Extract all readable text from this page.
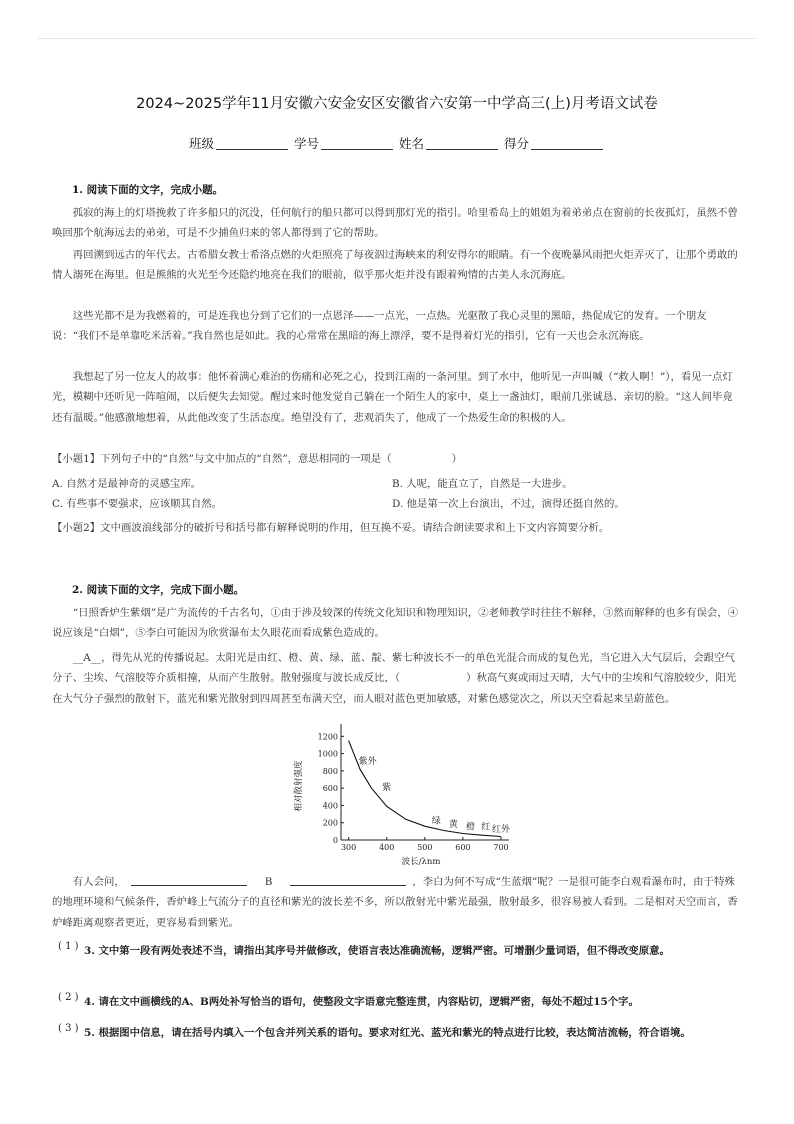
2024~2025学年11月安徽六安金安区安徽省六安第一中学高三(上)月考语文试卷
班级	学号	姓名	得分
1. 阅读下面的文字，完成小题。

孤寂的海上的灯塔挽救了许多船只的沉没，任何航行的船只都可以得到那灯光的指引。哈里希岛上的姐姐为着弟弟点在窗前的长夜孤灯，虽然不曾唤回那个航海远去的弟弟，可是不少捕鱼归来的邻人都得到了它的帮助。

再回溯到远古的年代去。古希腊女教士希洛点燃的火炬照亮了每夜泅过海峡来的利安得尔的眼睛。有一个夜晚暴风雨把火炬弄灭了，让那个勇敢的情人溺死在海里。但是熊熊的火光至今还隐约地亮在我们的眼前，似乎那火炬并没有跟着殉情的古美人永沉海底。

这些光都不是为我燃着的，可是连我也分到了它们的一点恩泽——一点光，一点热。光驱散了我心灵里的黑暗，热促成它的发育。一个朋友说：“我们不是单靠吃米活着。”我自然也是如此。我的心常常在黑暗的海上漂浮，要不是得着灯光的指引，它有一天也会永沉海底。

我想起了另一位友人的故事：他怀着满心难治的伤痛和必死之心，投到江南的一条河里。到了水中，他听见一声叫喊（“救人啊！”），看见一点灯光，模糊中还听见一阵喧闹，以后便失去知觉。醒过来时他发觉自己躺在一个陌生人的家中，桌上一盏油灯，眼前几张诚恳、亲切的脸。“这人间毕竟还有温暖。”他感激地想着，从此他改变了生活态度。绝望没有了，悲观消失了，他成了一个热爱生命的积极的人。

【小题1】下列句子中的“自然”与文中加点的“自然”，意思相同的一项是（	）
A. 自然才是最神奇的灵感宝库。	B. 人呢，能直立了，自然是一大进步。
C. 有些事不要强求，应该顺其自然。	D. 他是第一次上台演出，不过，演得还挺自然的。
【小题2】文中画波浪线部分的破折号和括号都有解释说明的作用，但互换不妥。请结合朗读要求和上下文内容简要分析。
2. 阅读下面的文字，完成下面小题。

“日照香炉生紫烟”是广为流传的千古名句，①由于涉及较深的传统文化知识和物理知识，②老师教学时往往不解释，③然而解释的也多有误会，④说应该是“白烟”，⑤李白可能因为欣赏瀑布太久眼花而看成紫色造成的。

__A__，得先从光的传播说起。太阳光是由红、橙、黄、绿、蓝、靛、紫七种波长不一的单色光混合而成的复色光，当它进入大气层后，会跟空气分子、尘埃、气溶胶等介质相撞，从而产生散射。散射强度与波长成反比，（	）秋高气爽或雨过天晴，大气中的尘埃和气溶胶较少，阳光在大气分子强烈的散射下，蓝光和紫光散射到四周甚至布满天空，而人眼对蓝色更加敏感，对紫色感觉次之，所以天空看起来呈蔚蓝色。

300	400	500	600	700
0
200
400
600
800
1000
1200
紫外
紫
绿 黄 橙 红 红外
波长/λnm
相对散射强度

有人会问，	B	，李白为何不写成“生蓝烟”呢？一是很可能李白观看瀑布时，由于特殊的地理环境和气候条件，香炉峰上气流分子的直径和紫光的波长差不多，所以散射光中紫光最强，散射最多，很容易被人看到。二是相对天空而言，香炉峰距离观察者更近，更容易看到紫光。

( 1 ) 3. 文中第一段有两处表述不当，请指出其序号并做修改，使语言表达准确流畅，逻辑严密。可增删少量词语，但不得改变原意。
( 2 ) 4. 请在文中画横线的A、B两处补写恰当的语句，使整段文字语意完整连贯，内容贴切，逻辑严密，每处不超过15个字。
( 3 ) 5. 根据图中信息，请在括号内填入一个包含并列关系的语句。要求对红光、蓝光和紫光的特点进行比较，表达简洁流畅，符合语境。
